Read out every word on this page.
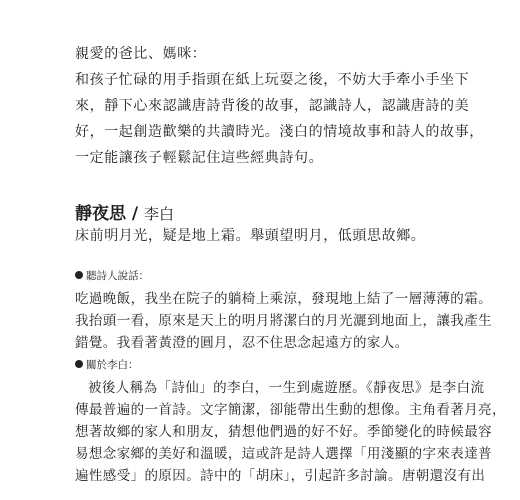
親愛的爸比、媽咪：
和孩子忙碌的用手指頭在紙上玩耍之後，不妨大手牽小手坐下
來，靜下心來認識唐詩背後的故事，認識詩人，認識唐詩的美
好，一起創造歡樂的共讀時光。淺白的情境故事和詩人的故事，
一定能讓孩子輕鬆記住這些經典詩句。
靜夜思 / 李白
床前明月光，疑是地上霜。舉頭望明月，低頭思故鄉。
聽詩人說話：
吃過晚飯，我坐在院子的躺椅上乘涼，發現地上結了一層薄薄的霜。
我抬頭一看，原來是天上的明月將潔白的月光灑到地面上，讓我產生
錯覺。我看著黃澄的圓月，忍不住思念起遠方的家人。
關於李白：
被後人稱為「詩仙」的李白，一生到處遊歷。《靜夜思》是李白流
傳最普遍的一首詩。文字簡潔，卻能帶出生動的想像。主角看著月亮，
想著故鄉的家人和朋友，猜想他們過的好不好。季節變化的時候最容
易想念家鄉的美好和溫暖，這或許是詩人選擇「用淺顯的字來表達普
遍性感受」的原因。詩中的「胡床」，引起許多討論。唐朝還沒有出
